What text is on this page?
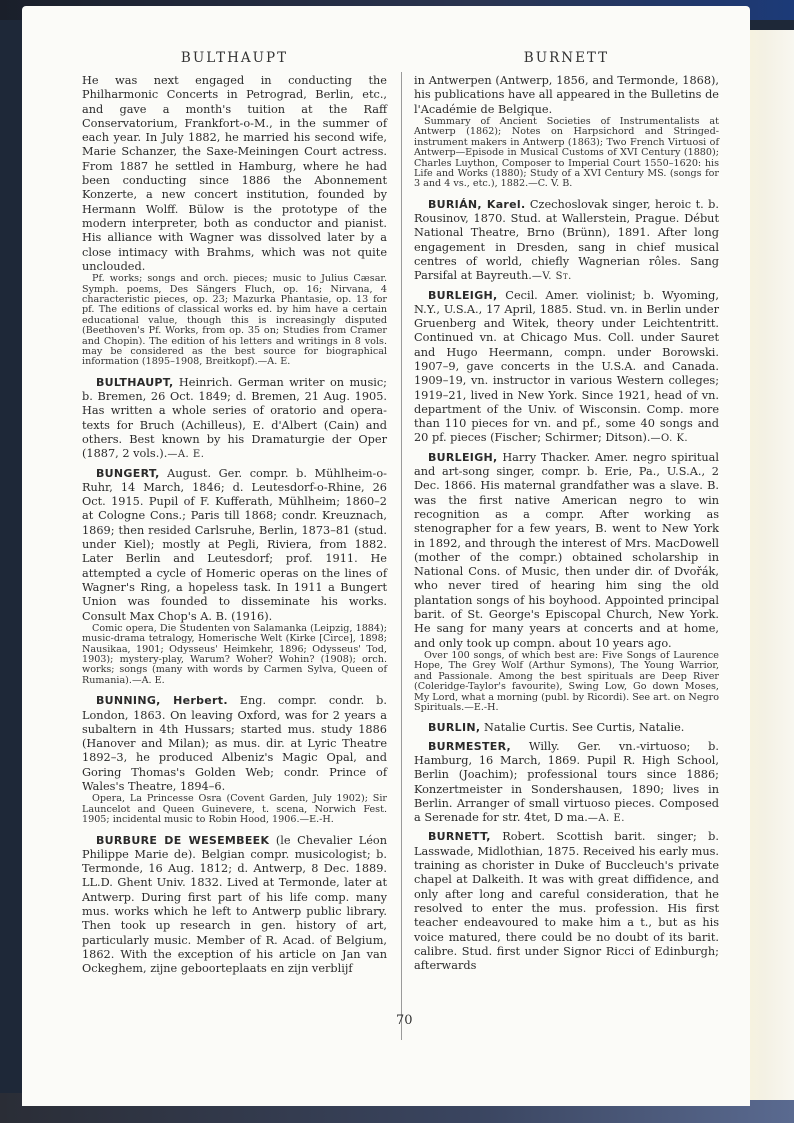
BULTHAUPT

He was next engaged in conducting the Philharmonic Concerts in Petrograd, Berlin, etc., and gave a month's tuition at the Raff Conservatorium, Frankfort-o-M., in the summer of each year. In July 1882, he married his second wife, Marie Schanzer, the Saxe-Meiningen Court actress. From 1887 he settled in Hamburg, where he had been conducting since 1886 the Abonnement Konzerte, a new concert institution, founded by Hermann Wolff. Bülow is the prototype of the modern interpreter, both as conductor and pianist. His alliance with Wagner was dissolved later by a close intimacy with Brahms, which was not quite unclouded.

Pf. works; songs and orch. pieces; music to Julius Cæsar. Symph. poems, Des Sängers Fluch, op. 16; Nirvana, 4 characteristic pieces, op. 23; Mazurka Phantasie, op. 13 for pf. The editions of classical works ed. by him have a certain educational value, though this is increasingly disputed (Beethoven's Pf. Works, from op. 35 on; Studies from Cramer and Chopin). The edition of his letters and writings in 8 vols. may be considered as the best source for biographical information (1895–1908, Breitkopf).—A. E.

BULTHAUPT, Heinrich. German writer on music; b. Bremen, 26 Oct. 1849; d. Bremen, 21 Aug. 1905. Has written a whole series of oratorio and opera-texts for Bruch (Achilleus), E. d'Albert (Cain) and others. Best known by his Dramaturgie der Oper (1887, 2 vols.).—A. E.

BUNGERT, August. Ger. compr. b. Mühlheim-o-Ruhr, 14 March, 1846; d. Leutesdorf-o-Rhine, 26 Oct. 1915. Pupil of F. Kufferath, Mühlheim; 1860–2 at Cologne Cons.; Paris till 1868; condr. Kreuznach, 1869; then resided Carlsruhe, Berlin, 1873–81 (stud. under Kiel); mostly at Pegli, Riviera, from 1882. Later Berlin and Leutesdorf; prof. 1911. He attempted a cycle of Homeric operas on the lines of Wagner's Ring, a hopeless task. In 1911 a Bungert Union was founded to disseminate his works. Consult Max Chop's A. B. (1916).

Comic opera, Die Studenten von Salamanka (Leipzig, 1884); music-drama tetralogy, Homerische Welt (Kirke [Circe], 1898; Nausikaa, 1901; Odysseus' Heimkehr, 1896; Odysseus' Tod, 1903); mystery-play, Warum? Woher? Wohin? (1908); orch. works; songs (many with words by Carmen Sylva, Queen of Rumania).—A. E.

BUNNING, Herbert. Eng. compr. condr. b. London, 1863. On leaving Oxford, was for 2 years a subaltern in 4th Hussars; started mus. study 1886 (Hanover and Milan); as mus. dir. at Lyric Theatre 1892–3, he produced Albeniz's Magic Opal, and Goring Thomas's Golden Web; condr. Prince of Wales's Theatre, 1894–6.

Opera, La Princesse Osra (Covent Garden, July 1902); Sir Launcelot and Queen Guinevere, t. scena, Norwich Fest. 1905; incidental music to Robin Hood, 1906.—E.-H.

BURBURE DE WESEMBEEK (le Chevalier Léon Philippe Marie de). Belgian compr. musicologist; b. Termonde, 16 Aug. 1812; d. Antwerp, 8 Dec. 1889. LL.D. Ghent Univ. 1832. Lived at Termonde, later at Antwerp. During first part of his life comp. many mus. works which he left to Antwerp public library. Then took up research in gen. history of art, particularly music. Member of R. Acad. of Belgium, 1862. With the exception of his article on Jan van Ockeghem, zijne geboorteplaats en zijn verblijf

BURNETT

in Antwerpen (Antwerp, 1856, and Termonde, 1868), his publications have all appeared in the Bulletins de l'Académie de Belgique.

Summary of Ancient Societies of Instrumentalists at Antwerp (1862); Notes on Harpsichord and Stringed-instrument makers in Antwerp (1863); Two French Virtuosi of Antwerp—Episode in Musical Customs of XVI Century (1880); Charles Luython, Composer to Imperial Court 1550–1620: his Life and Works (1880); Study of a XVI Century MS. (songs for 3 and 4 vs., etc.), 1882.—C. V. B.

BURIÁN, Karel. Czechoslovak singer, heroic t. b. Rousinov, 1870. Stud. at Wallerstein, Prague. Début National Theatre, Brno (Brünn), 1891. After long engagement in Dresden, sang in chief musical centres of world, chiefly Wagnerian rôles. Sang Parsifal at Bayreuth.—V. St.

BURLEIGH, Cecil. Amer. violinist; b. Wyoming, N.Y., U.S.A., 17 April, 1885. Stud. vn. in Berlin under Gruenberg and Witek, theory under Leichtentritt. Continued vn. at Chicago Mus. Coll. under Sauret and Hugo Heermann, compn. under Borowski. 1907–9, gave concerts in the U.S.A. and Canada. 1909–19, vn. instructor in various Western colleges; 1919–21, lived in New York. Since 1921, head of vn. department of the Univ. of Wisconsin. Comp. more than 110 pieces for vn. and pf., some 40 songs and 20 pf. pieces (Fischer; Schirmer; Ditson).—O. K.

BURLEIGH, Harry Thacker. Amer. negro spiritual and art-song singer, compr. b. Erie, Pa., U.S.A., 2 Dec. 1866. His maternal grandfather was a slave. B. was the first native American negro to win recognition as a compr. After working as stenographer for a few years, B. went to New York in 1892, and through the interest of Mrs. MacDowell (mother of the compr.) obtained scholarship in National Cons. of Music, then under dir. of Dvořák, who never tired of hearing him sing the old plantation songs of his boyhood. Appointed principal barit. of St. George's Episcopal Church, New York. He sang for many years at concerts and at home, and only took up compn. about 10 years ago.

Over 100 songs, of which best are: Five Songs of Laurence Hope, The Grey Wolf (Arthur Symons), The Young Warrior, and Passionale. Among the best spirituals are Deep River (Coleridge-Taylor's favourite), Swing Low, Go down Moses, My Lord, what a morning (publ. by Ricordi). See art. on Negro Spirituals.—E.-H.

BURLIN, Natalie Curtis. See Curtis, Natalie.

BURMESTER, Willy. Ger. vn.-virtuoso; b. Hamburg, 16 March, 1869. Pupil R. High School, Berlin (Joachim); professional tours since 1886; Konzertmeister in Sondershausen, 1890; lives in Berlin. Arranger of small virtuoso pieces. Composed a Serenade for str. 4tet, D ma.—A. E.

BURNETT, Robert. Scottish barit. singer; b. Lasswade, Midlothian, 1875. Received his early mus. training as chorister in Duke of Buccleuch's private chapel at Dalkeith. It was with great diffidence, and only after long and careful consideration, that he resolved to enter the mus. profession. His first teacher endeavoured to make him a t., but as his voice matured, there could be no doubt of its barit. calibre. Stud. first under Signor Ricci of Edinburgh; afterwards

70
